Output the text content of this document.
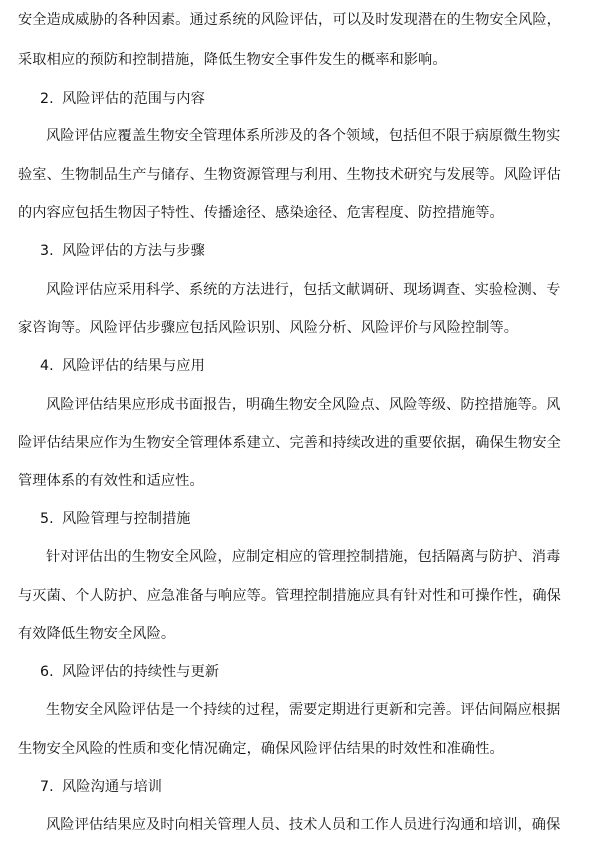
安全造成威胁的各种因素。通过系统的风险评估，可以及时发现潜在的生物安全风险，
采取相应的预防和控制措施，降低生物安全事件发生的概率和影响。
2. 风险评估的范围与内容
风险评估应覆盖生物安全管理体系所涉及的各个领域，包括但不限于病原微生物实
验室、生物制品生产与储存、生物资源管理与利用、生物技术研究与发展等。风险评估
的内容应包括生物因子特性、传播途径、感染途径、危害程度、防控措施等。
3. 风险评估的方法与步骤
风险评估应采用科学、系统的方法进行，包括文献调研、现场调查、实验检测、专
家咨询等。风险评估步骤应包括风险识别、风险分析、风险评价与风险控制等。
4. 风险评估的结果与应用
风险评估结果应形成书面报告，明确生物安全风险点、风险等级、防控措施等。风
险评估结果应作为生物安全管理体系建立、完善和持续改进的重要依据，确保生物安全
管理体系的有效性和适应性。
5. 风险管理与控制措施
针对评估出的生物安全风险，应制定相应的管理控制措施，包括隔离与防护、消毒
与灭菌、个人防护、应急准备与响应等。管理控制措施应具有针对性和可操作性，确保
有效降低生物安全风险。
6. 风险评估的持续性与更新
生物安全风险评估是一个持续的过程，需要定期进行更新和完善。评估间隔应根据
生物安全风险的性质和变化情况确定，确保风险评估结果的时效性和准确性。
7. 风险沟通与培训
风险评估结果应及时向相关管理人员、技术人员和工作人员进行沟通和培训，确保
